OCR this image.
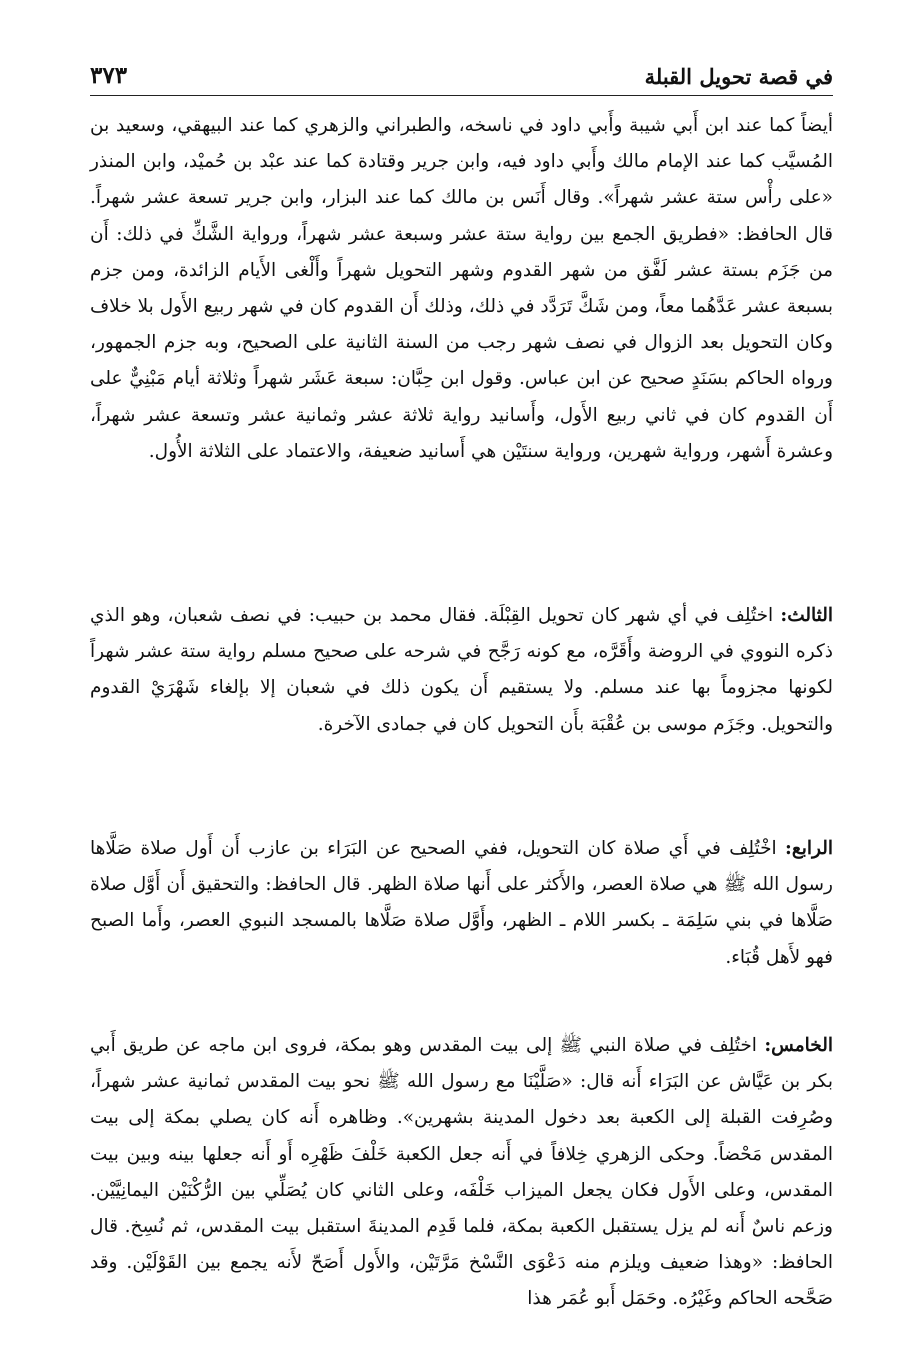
في قصة تحويل القبلة
٣٧٣

أيضاً كما عند ابن أَبي شيبة وأَبي داود في ناسخه، والطبراني والزهري كما عند البيهقي، وسعيد بن المُسيَّب كما عند الإمام مالك وأَبي داود فيه، وابن جرير وقتادة كما عند عبْد بن حُميْد، وابن المنذر «على رأْس ستة عشر شهراً». وقال أَنَس بن مالك كما عند البزار، وابن جرير تسعة عشر شهراً. قال الحافظ: «فطريق الجمع بين رواية ستة عشر وسبعة عشر شهراً، ورواية الشَّكِّ في ذلك: أَن من جَزَم بستة عشر لَفَّق من شهر القدوم وشهر التحويل شهراً وأَلْغى الأَيام الزائدة، ومن جزم بسبعة عشر عَدَّهُما معاً، ومن شَكَّ تَرَدَّد في ذلك، وذلك أَن القدوم كان في شهر ربيع الأَول بلا خلاف وكان التحويل بعد الزوال في نصف شهر رجب من السنة الثانية على الصحيح، وبه جزم الجمهور، ورواه الحاكم بسَنَدٍ صحيح عن ابن عباس. وقول ابن حِبَّان: سبعة عَشَر شهراً وثلاثة أيام مَبْنِيٌّ على أَن القدوم كان في ثاني ربيع الأَول، وأَسانيد رواية ثلاثة عشر وثمانية عشر وتسعة عشر شهراً، وعشرة أَشهر، ورواية شهرين، ورواية سنتَيْن هي أَسانيد ضعيفة، والاعتماد على الثلاثة الأُول.

الثالث: اختُلِف في أي شهر كان تحويل القِبْلَة. فقال محمد بن حبيب: في نصف شعبان، وهو الذي ذكره النووي في الروضة وأَقَرَّه، مع كونه رَجَّح في شرحه على صحيح مسلم رواية ستة عشر شهراً لكونها مجزوماً بها عند مسلم. ولا يستقيم أَن يكون ذلك في شعبان إلا بإلغاء شَهْرَيْ القدوم والتحويل. وجَزَم موسى بن عُقْبَة بأَن التحويل كان في جمادى الآخرة.

الرابع: اخْتُلِف في أَي صلاة كان التحويل، ففي الصحيح عن البَرَاء بن عازب أَن أَول صلاة صَلَّاها رسول الله ﷺ هي صلاة العصر، والأَكثر على أَنها صلاة الظهر. قال الحافظ: والتحقيق أَن أَوَّل صلاة صَلَّاها في بني سَلِمَة ـ بكسر اللام ـ الظهر، وأَوَّل صلاة صَلَّاها بالمسجد النبوي العصر، وأَما الصبح فهو لأَهل قُبَاء.

الخامس: اختُلِف في صلاة النبي ﷺ إلى بيت المقدس وهو بمكة، فروى ابن ماجه عن طريق أَبي بكر بن عَيَّاش عن البَرَاء أَنه قال: «صَلَّيْنَا مع رسول الله ﷺ نحو بيت المقدس ثمانية عشر شهراً، وصُرِفت القبلة إلى الكعبة بعد دخول المدينة بشهرين». وظاهره أَنه كان يصلي بمكة إلى بيت المقدس مَحْضاً. وحكى الزهري خِلافاً في أَنه جعل الكعبة خَلْفَ ظَهْرِه أَو أَنه جعلها بينه وبين بيت المقدس، وعلى الأَول فكان يجعل الميزاب خَلْفَه، وعلى الثاني كان يُصَلِّي بين الرُّكْنَيْن اليمانِيَّيْن. وزعم ناسٌ أَنه لم يزل يستقبل الكعبة بمكة، فلما قَدِم المدينةَ استقبل بيت المقدس، ثم نُسِخ. قال الحافظ: «وهذا ضعيف ويلزم منه دَعْوَى النَّسْخ مَرَّتَيْن، والأَول أَصَحّ لأَنه يجمع بين القَوْلَيْن. وقد صَحَّحه الحاكم وغَيْرُه. وحَمَل أَبو عُمَر هذا
